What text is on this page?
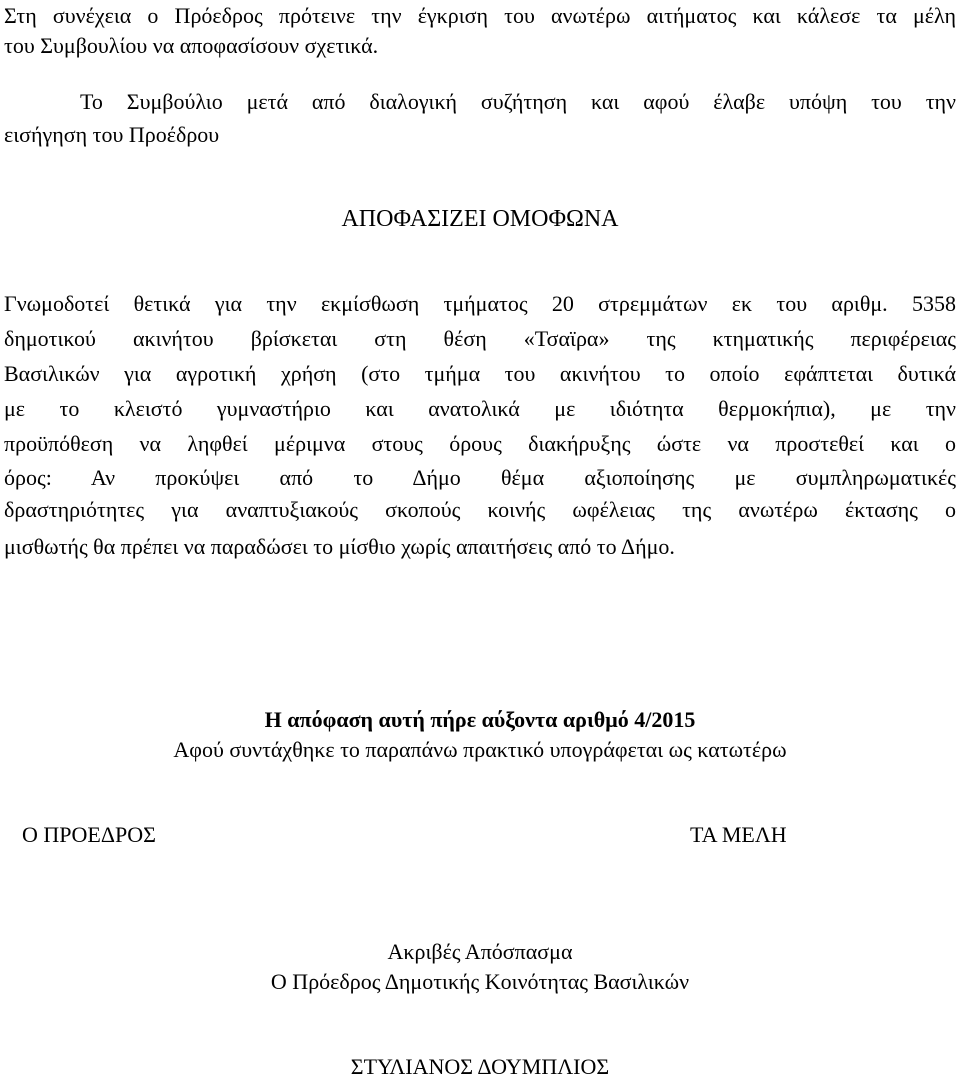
Στη συνέχεια ο Πρόεδρος πρότεινε την έγκριση του ανωτέρω αιτήματος και κάλεσε τα μέλη
του Συμβουλίου να αποφασίσουν σχετικά.
Το Συμβούλιο μετά από διαλογική συζήτηση και αφού έλαβε υπόψη του την
εισήγηση του Προέδρου
ΑΠΟΦΑΣΙΖΕΙ ΟΜΟΦΩΝΑ
Γνωμοδοτεί θετικά για την εκμίσθωση τμήματος 20 στρεμμάτων εκ του αριθμ. 5358
δημοτικού ακινήτου βρίσκεται στη θέση «Τσαϊρα» της κτηματικής περιφέρειας
Βασιλικών για αγροτική χρήση (στο τμήμα του ακινήτου το οποίο εφάπτεται δυτικά
με το κλειστό γυμναστήριο και ανατολικά με ιδιότητα θερμοκήπια), με την
προϋπόθεση να ληφθεί μέριμνα στους όρους διακήρυξης ώστε να προστεθεί και ο
όρος: Αν προκύψει από το Δήμο θέμα αξιοποίησης με συμπληρωματικές
δραστηριότητες για αναπτυξιακούς σκοπούς κοινής ωφέλειας της ανωτέρω έκτασης ο
μισθωτής θα πρέπει να παραδώσει το μίσθιο χωρίς απαιτήσεις από το Δήμο.
Η απόφαση αυτή πήρε αύξοντα αριθμό 4/2015
Αφού συντάχθηκε το παραπάνω πρακτικό υπογράφεται ως κατωτέρω
Ο ΠΡΟΕΔΡΟΣ	ΤΑ ΜΕΛΗ
Ακριβές Απόσπασμα
Ο Πρόεδρος Δημοτικής Κοινότητας Βασιλικών
ΣΤΥΛΙΑΝΟΣ ΔΟΥΜΠΛΙΟΣ
